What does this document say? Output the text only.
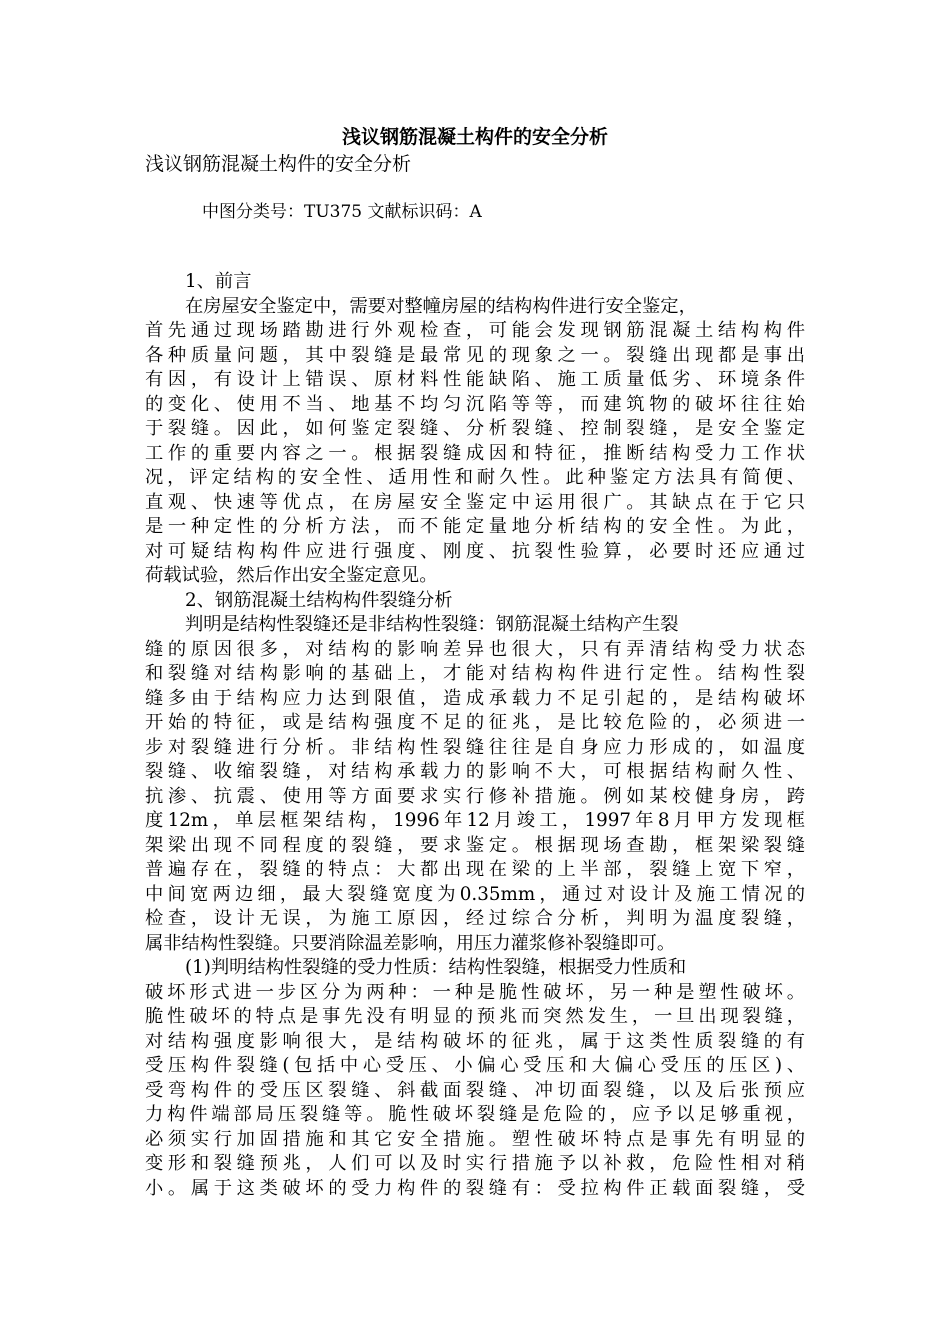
浅议钢筋混凝土构件的安全分析
浅议钢筋混凝土构件的安全分析
中图分类号：TU375 文献标识码：A
1、前言
在房屋安全鉴定中，需要对整幢房屋的结构构件进行安全鉴定，
首先通过现场踏勘进行外观检查，可能会发现钢筋混凝土结构构件
各种质量问题，其中裂缝是最常见的现象之一。裂缝出现都是事出
有因，有设计上错误、原材料性能缺陷、施工质量低劣、环境条件
的变化、使用不当、地基不均匀沉陷等等，而建筑物的破坏往往始
于裂缝。因此，如何鉴定裂缝、分析裂缝、控制裂缝，是安全鉴定
工作的重要内容之一。根据裂缝成因和特征，推断结构受力工作状
况，评定结构的安全性、适用性和耐久性。此种鉴定方法具有简便、
直观、快速等优点，在房屋安全鉴定中运用很广。其缺点在于它只
是一种定性的分析方法，而不能定量地分析结构的安全性。为此，
对可疑结构构件应进行强度、刚度、抗裂性验算，必要时还应通过
荷载试验，然后作出安全鉴定意见。
2、钢筋混凝土结构构件裂缝分析
判明是结构性裂缝还是非结构性裂缝：钢筋混凝土结构产生裂
缝的原因很多，对结构的影响差异也很大，只有弄清结构受力状态
和裂缝对结构影响的基础上，才能对结构构件进行定性。结构性裂
缝多由于结构应力达到限值，造成承载力不足引起的，是结构破坏
开始的特征，或是结构强度不足的征兆，是比较危险的，必须进一
步对裂缝进行分析。非结构性裂缝往往是自身应力形成的，如温度
裂缝、收缩裂缝，对结构承载力的影响不大，可根据结构耐久性、
抗渗、抗震、使用等方面要求实行修补措施。例如某校健身房，跨
度12m，单层框架结构，1996年12月竣工，1997年8月甲方发现框
架梁出现不同程度的裂缝，要求鉴定。根据现场查勘，框架梁裂缝
普遍存在，裂缝的特点：大都出现在梁的上半部，裂缝上宽下窄，
中间宽两边细，最大裂缝宽度为0.35mm，通过对设计及施工情况的
检查，设计无误，为施工原因，经过综合分析，判明为温度裂缝，
属非结构性裂缝。只要消除温差影响，用压力灌浆修补裂缝即可。
(1)判明结构性裂缝的受力性质：结构性裂缝，根据受力性质和
破坏形式进一步区分为两种：一种是脆性破坏，另一种是塑性破坏。
脆性破坏的特点是事先没有明显的预兆而突然发生，一旦出现裂缝，
对结构强度影响很大，是结构破坏的征兆，属于这类性质裂缝的有
受压构件裂缝(包括中心受压、小偏心受压和大偏心受压的压区)、
受弯构件的受压区裂缝、斜截面裂缝、冲切面裂缝，以及后张预应
力构件端部局压裂缝等。脆性破坏裂缝是危险的，应予以足够重视，
必须实行加固措施和其它安全措施。塑性破坏特点是事先有明显的
变形和裂缝预兆，人们可以及时实行措施予以补救，危险性相对稍
小。属于这类破坏的受力构件的裂缝有：受拉构件正载面裂缝，受
